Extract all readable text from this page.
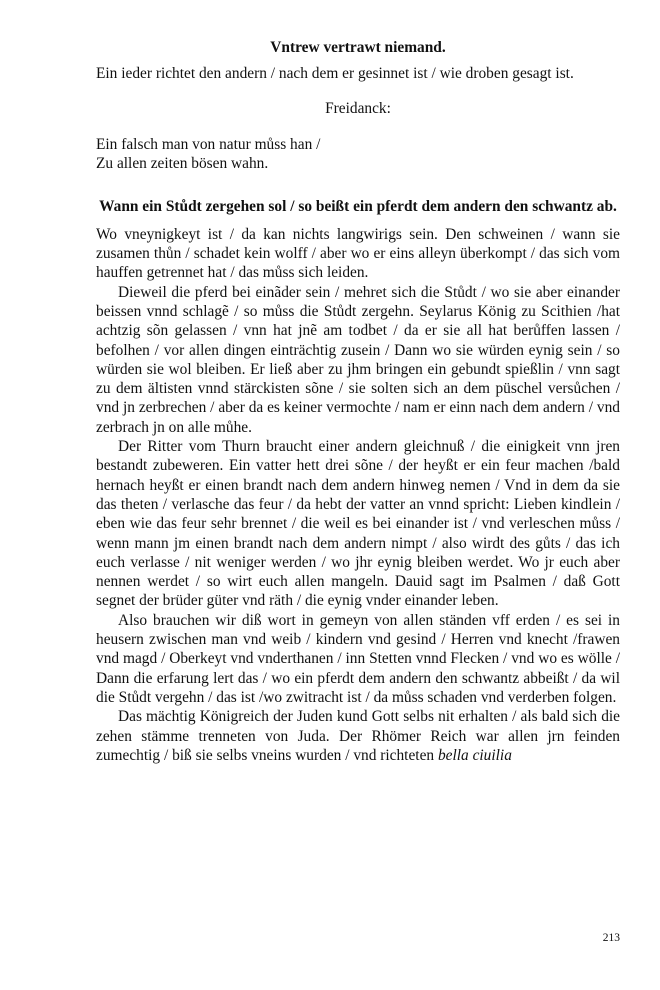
Vntrew vertrawt niemand.

Ein ieder richtet den andern / nach dem er gesinnet ist / wie droben gesagt ist.

Freidanck:

Ein falsch man von natur můss han /
Zu allen zeiten bösen wahn.

Wann ein Stůdt zergehen sol / so beißt ein pferdt dem andern den schwantz ab.

Wo vneynigkeyt ist / da kan nichts langwirigs sein. Den schweinen / wann sie zusamen thůn / schadet kein wolff / aber wo er eins alleyn überkompt / das sich vom hauffen getrennet hat / das můss sich leiden.

Dieweil die pferd bei einãder sein / mehret sich die Stůdt / wo sie aber einander beissen vnnd schlagẽ / so můss die Stůdt zergehn. Seylarus König zu Scithien /hat achtzig sõn gelassen / vnn hat jnẽ am todbet / da er sie all hat berůffen lassen / befolhen / vor allen dingen einträchtig zusein / Dann wo sie würden eynig sein / so würden sie wol bleiben. Er ließ aber zu jhm bringen ein gebundt spießlin / vnn sagt zu dem ältisten vnnd stärckisten sõne / sie solten sich an dem püschel versůchen / vnd jn zerbrechen / aber da es keiner vermochte / nam er einn nach dem andern / vnd zerbrach jn on alle můhe.

Der Ritter vom Thurn braucht einer andern gleichnuß / die einigkeit vnn jren bestandt zubeweren. Ein vatter hett drei sõne / der heyßt er ein feur machen /bald hernach heyßt er einen brandt nach dem andern hinweg nemen / Vnd in dem da sie das theten / verlasche das feur / da hebt der vatter an vnnd spricht: Lieben kindlein / eben wie das feur sehr brennet / die weil es bei einander ist / vnd verleschen můss / wenn mann jm einen brandt nach dem andern nimpt / also wirdt des gůts / das ich euch verlasse / nit weniger werden / wo jhr eynig bleiben werdet. Wo jr euch aber nennen werdet / so wirt euch allen mangeln. Dauid sagt im Psalmen / daß Gott segnet der brüder güter vnd räth / die eynig vnder einander leben.

Also brauchen wir diß wort in gemeyn von allen ständen vff erden / es sei in heusern zwischen man vnd weib / kindern vnd gesind / Herren vnd knecht /frawen vnd magd / Oberkeyt vnd vnderthanen / inn Stetten vnnd Flecken / vnd wo es wölle / Dann die erfarung lert das / wo ein pferdt dem andern den schwantz abbeißt / da wil die Stůdt vergehn / das ist /wo zwitracht ist / da můss schaden vnd verderben folgen.

Das mächtig Königreich der Juden kund Gott selbs nit erhalten / als bald sich die zehen stämme trenneten von Juda. Der Rhömer Reich war allen jrn feinden zumechtig / biß sie selbs vneins wurden / vnd richteten bella ciuilia

213
